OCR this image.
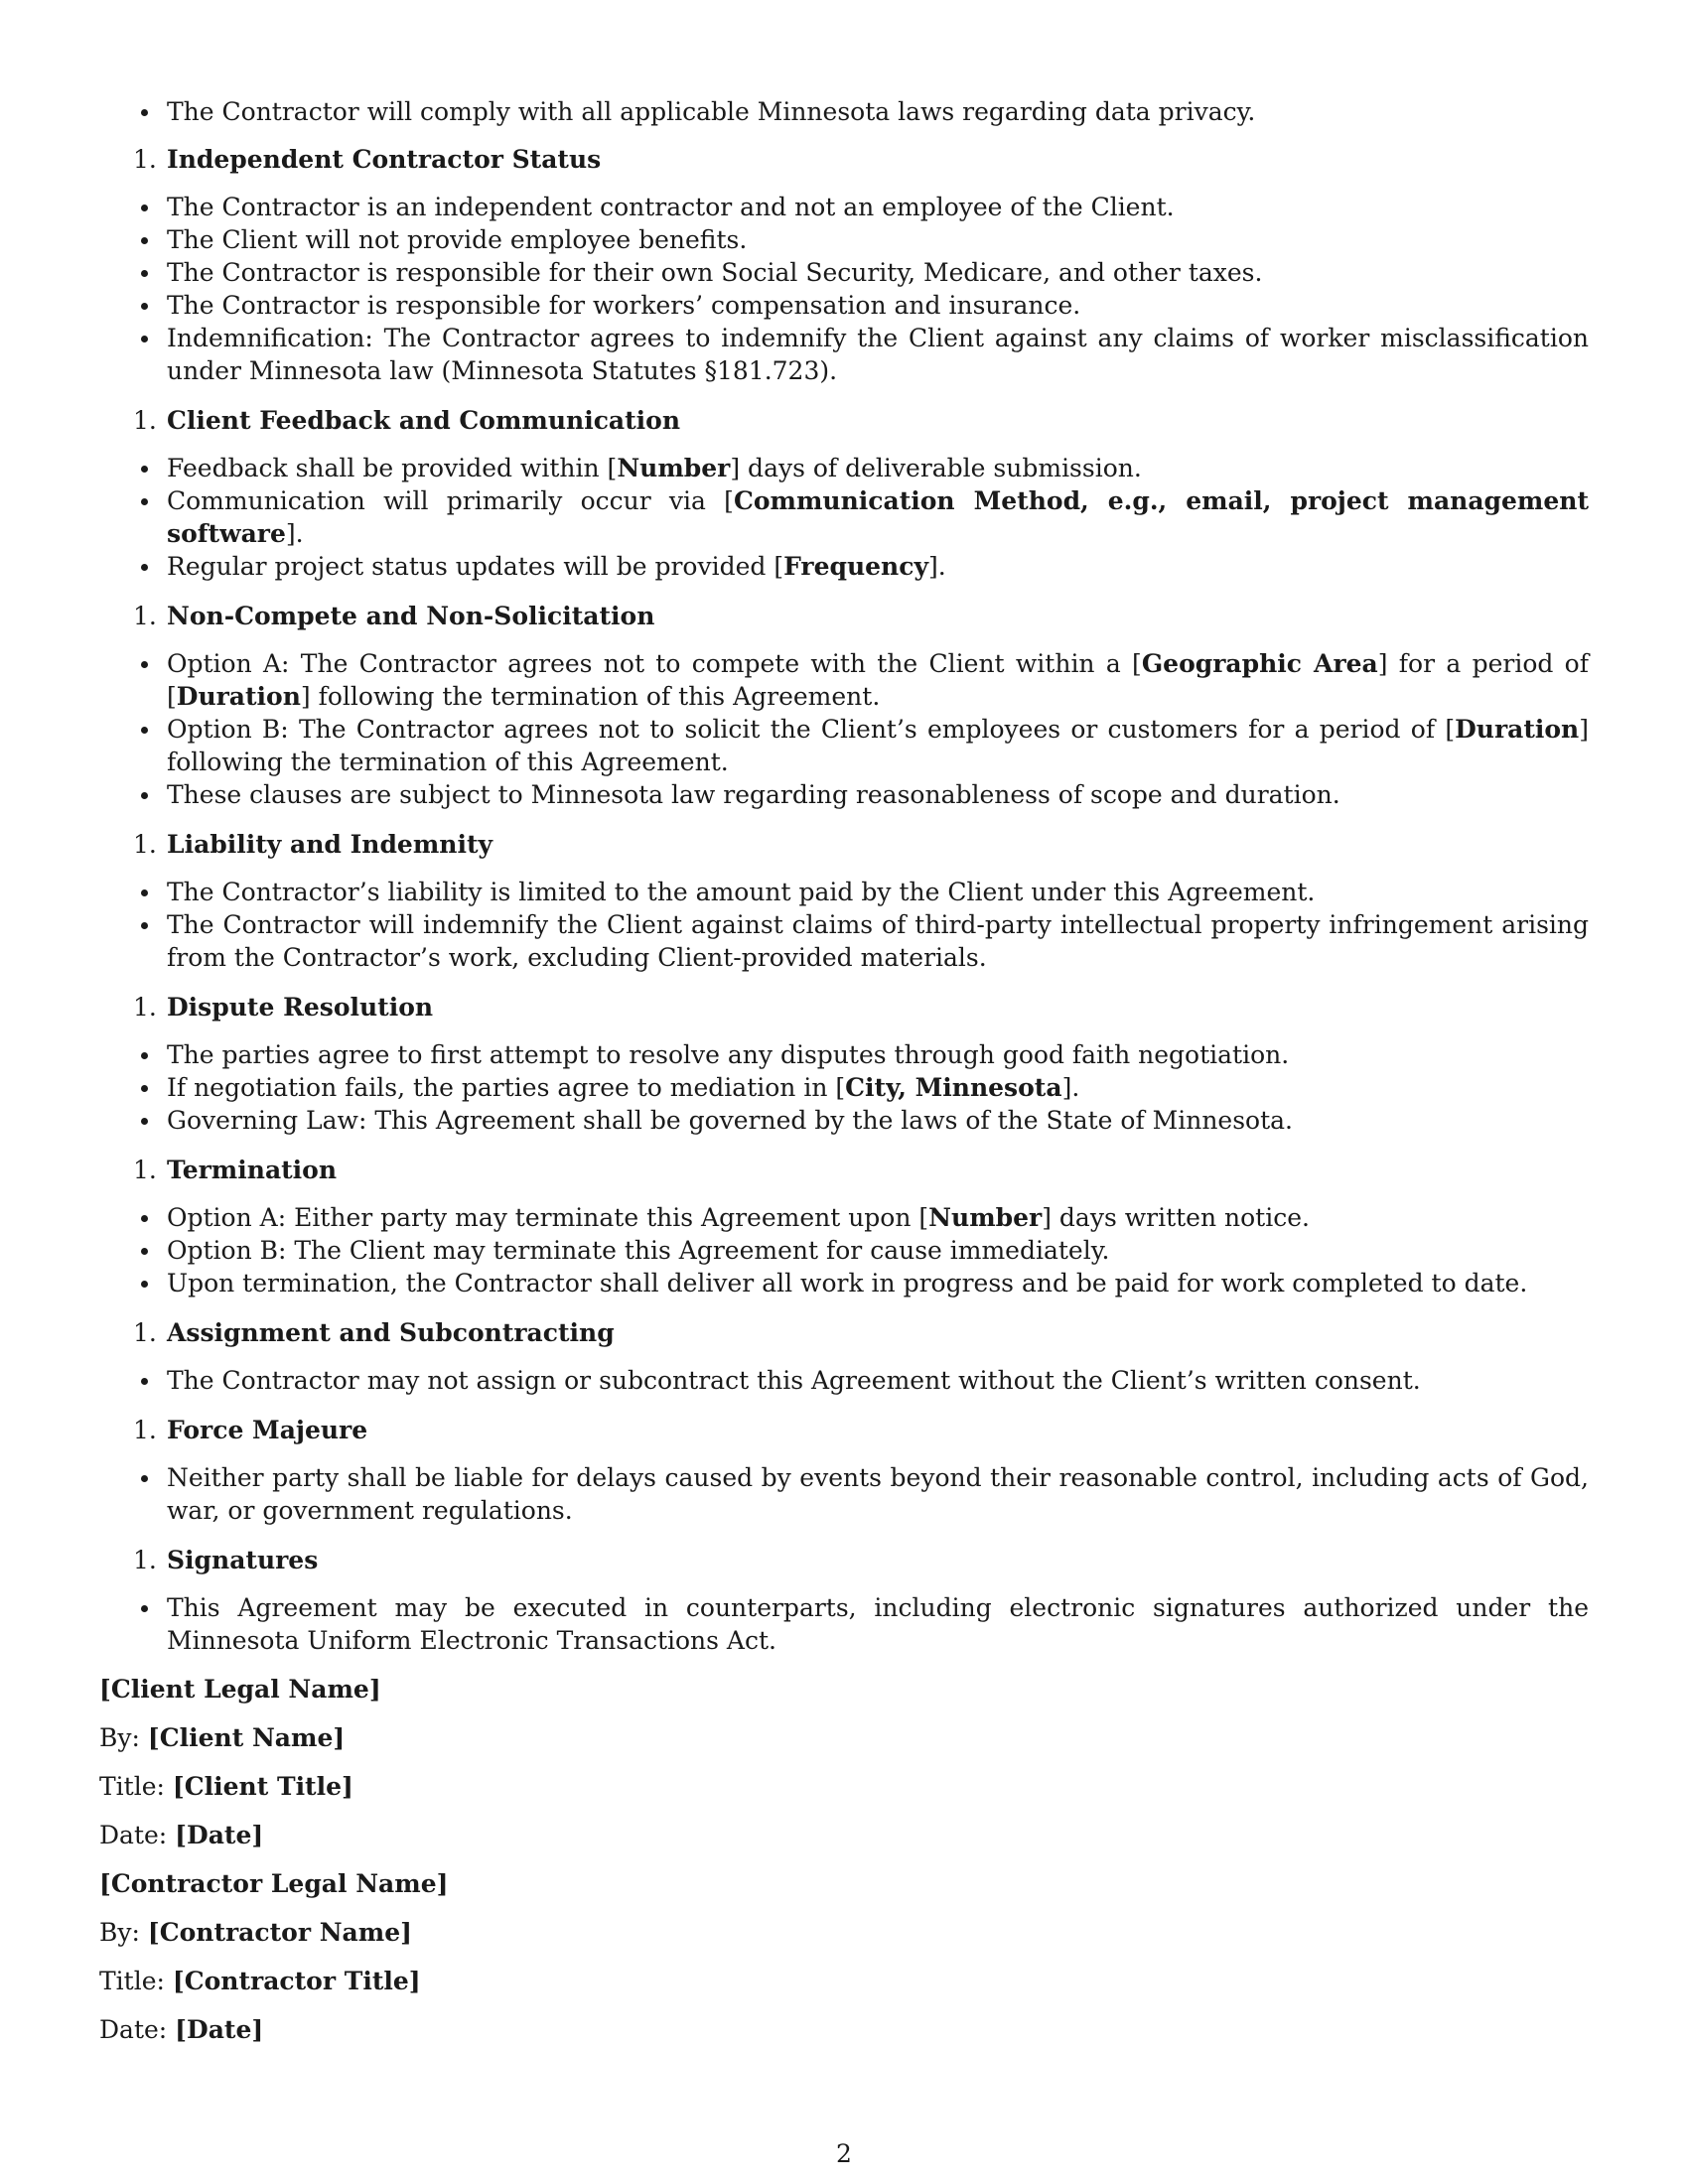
The Contractor will comply with all applicable Minnesota laws regarding data privacy.
1. Independent Contractor Status
The Contractor is an independent contractor and not an employee of the Client.
The Client will not provide employee benefits.
The Contractor is responsible for their own Social Security, Medicare, and other taxes.
The Contractor is responsible for workers’ compensation and insurance.
Indemnification: The Contractor agrees to indemnify the Client against any claims of worker misclassification under Minnesota law (Minnesota Statutes §181.723).
1. Client Feedback and Communication
Feedback shall be provided within [Number] days of deliverable submission.
Communication will primarily occur via [Communication Method, e.g., email, project management software].
Regular project status updates will be provided [Frequency].
1. Non-Compete and Non-Solicitation
Option A: The Contractor agrees not to compete with the Client within a [Geographic Area] for a period of [Duration] following the termination of this Agreement.
Option B: The Contractor agrees not to solicit the Client’s employees or customers for a period of [Duration] following the termination of this Agreement.
These clauses are subject to Minnesota law regarding reasonableness of scope and duration.
1. Liability and Indemnity
The Contractor’s liability is limited to the amount paid by the Client under this Agreement.
The Contractor will indemnify the Client against claims of third-party intellectual property infringement arising from the Contractor’s work, excluding Client-provided materials.
1. Dispute Resolution
The parties agree to first attempt to resolve any disputes through good faith negotiation.
If negotiation fails, the parties agree to mediation in [City, Minnesota].
Governing Law: This Agreement shall be governed by the laws of the State of Minnesota.
1. Termination
Option A: Either party may terminate this Agreement upon [Number] days written notice.
Option B: The Client may terminate this Agreement for cause immediately.
Upon termination, the Contractor shall deliver all work in progress and be paid for work completed to date.
1. Assignment and Subcontracting
The Contractor may not assign or subcontract this Agreement without the Client’s written consent.
1. Force Majeure
Neither party shall be liable for delays caused by events beyond their reasonable control, including acts of God, war, or government regulations.
1. Signatures
This Agreement may be executed in counterparts, including electronic signatures authorized under the Minnesota Uniform Electronic Transactions Act.
[Client Legal Name]
By: [Client Name]
Title: [Client Title]
Date: [Date]
[Contractor Legal Name]
By: [Contractor Name]
Title: [Contractor Title]
Date: [Date]
2
